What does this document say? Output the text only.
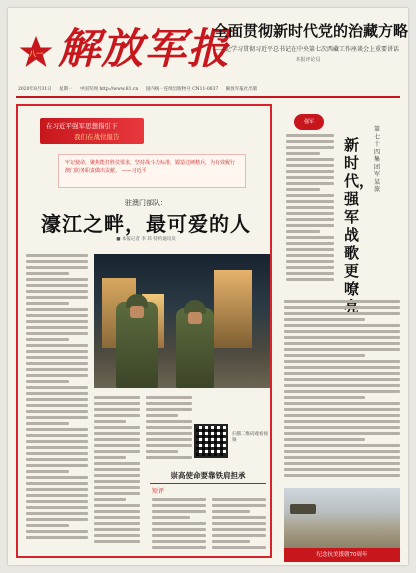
八一 解放军报
全面贯彻新时代党的治藏方略
——论学习贯彻习近平总书记在中央第七次西藏工作座谈会上重要讲话
本报评论员
2020年8月31日 星期一 中国军网 http://www.81.cn 国内统一连续出版物号 CN11-0037 解放军报社出版
在习近平强军思想指引下
我们在战位报告

牢记使命，聚焦能打胜仗要求，坚持战斗力标准，锻造过硬精兵，为有效履行澳门防务职责做出贡献。 ——习近平

驻澳门部队：
濠江之畔，最可爱的人
■ 本报记者 李 玮 特约通讯员
扫描二维码观看视频
崇高使命要靠铁肩担承
短评
强军
新时代，强军战歌更嘹亮
第七十四集团军某旅
纪念抗美援朝70周年
